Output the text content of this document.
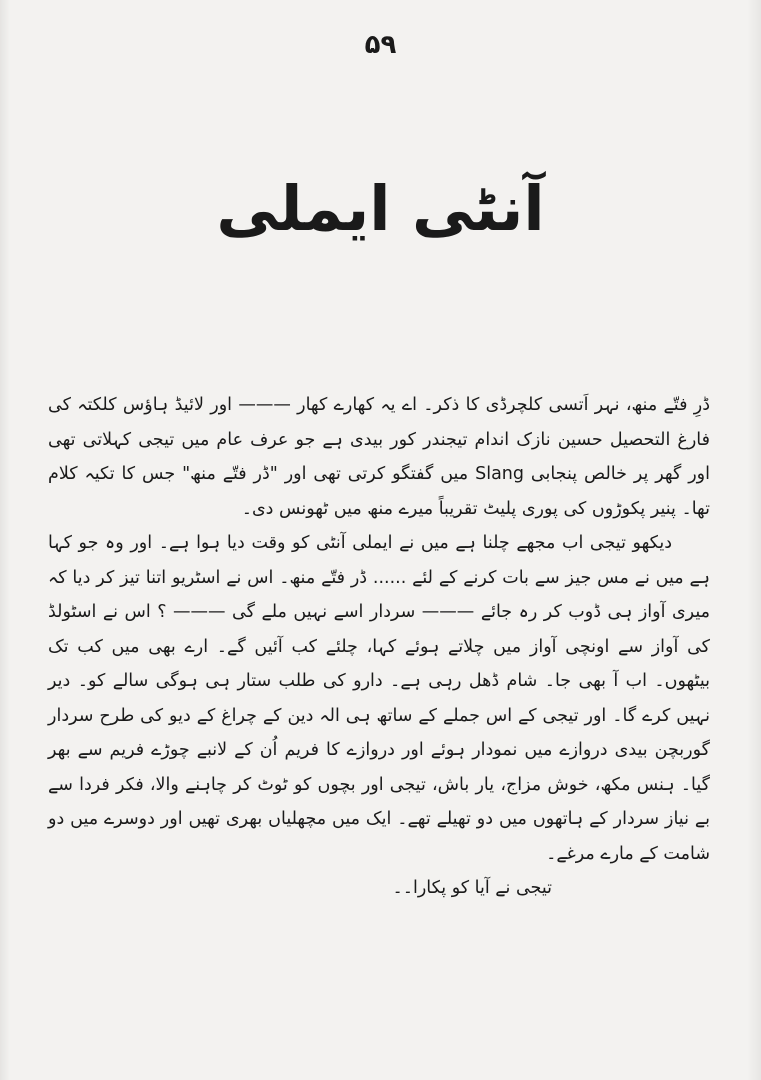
۵۹
آنٹی ایملی

ڈرِ فتّے منھ، نہر اَتسی کلچرڈی کا ذکر۔ اے یہ کھارے کھار ——— اور لائیڈ ہاؤس کلکتہ کی فارغ التحصیل حسین نازک اندام تیجندر کور بیدی ہے جو عرف عام میں تیجی کہلاتی تھی اور گھر پر خالص پنجابی Slang میں گفتگو کرتی تھی اور "ڈر فتّے منھ" جس کا تکیہ کلام تھا۔ پنیر پکوڑوں کی پوری پلیٹ تقریباً میرے منھ میں ٹھونس دی۔

دیکھو تیجی اب مجھے چلنا ہے میں نے ایملی آنٹی کو وقت دیا ہوا ہے۔ اور وہ جو کہا ہے میں نے مس جیز سے بات کرنے کے لئے ...... ڈر فتّے منھ۔ اس نے اسٹریو اتنا تیز کر دیا کہ میری آواز ہی ڈوب کر رہ جائے ——— سردار اسے نہیں ملے گی ——— ؟ اس نے اسٹولڈ کی آواز سے اونچی آواز میں چلاتے ہوئے کہا، چلئے کب آئیں گے۔ ارے بھی میں کب تک بیٹھوں۔ اب آ بھی جا۔ شام ڈھل رہی ہے۔ دارو کی طلب ستار ہی ہوگی سالے کو۔ دیر نہیں کرے گا۔ اور تیجی کے اس جملے کے ساتھ ہی الہ دین کے چراغ کے دیو کی طرح سردار گوربچن بیدی دروازے میں نمودار ہوئے اور دروازے کا فریم اُن کے لانبے چوڑے فریم سے بھر گیا۔ ہنس مکھ، خوش مزاج، یار باش، تیجی اور بچوں کو ٹوٹ کر چاہنے والا، فکر فردا سے بے نیاز سردار کے ہاتھوں میں دو تھیلے تھے۔ ایک میں مچھلیاں بھری تھیں اور دوسرے میں دو شامت کے مارے مرغے۔

تیجی نے آیا کو پکارا۔۔
